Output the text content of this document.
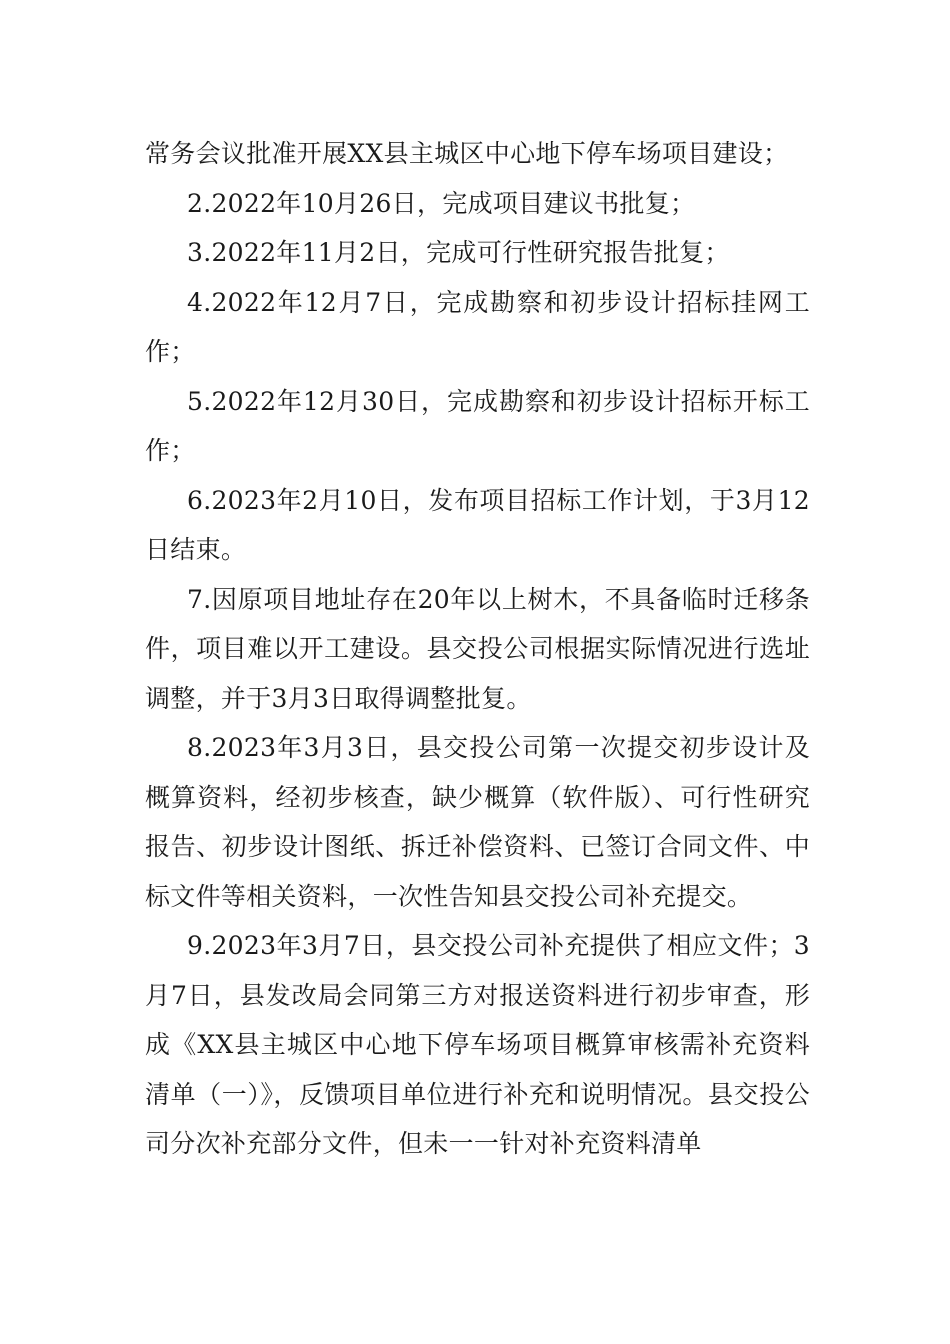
常务会议批准开展XX县主城区中心地下停车场项目建设；

2.2022年10月26日，完成项目建议书批复；

3.2022年11月2日，完成可行性研究报告批复；

4.2022年12月7日，完成勘察和初步设计招标挂网工作；

5.2022年12月30日，完成勘察和初步设计招标开标工作；

6.2023年2月10日，发布项目招标工作计划，于3月12日结束。

7.因原项目地址存在20年以上树木，不具备临时迁移条件，项目难以开工建设。县交投公司根据实际情况进行选址调整，并于3月3日取得调整批复。

8.2023年3月3日，县交投公司第一次提交初步设计及概算资料，经初步核查，缺少概算（软件版）、可行性研究报告、初步设计图纸、拆迁补偿资料、已签订合同文件、中标文件等相关资料，一次性告知县交投公司补充提交。

9.2023年3月7日，县交投公司补充提供了相应文件；3月7日，县发改局会同第三方对报送资料进行初步审查，形成《XX县主城区中心地下停车场项目概算审核需补充资料清单（一）》，反馈项目单位进行补充和说明情况。县交投公司分次补充部分文件，但未一一针对补充资料清单
